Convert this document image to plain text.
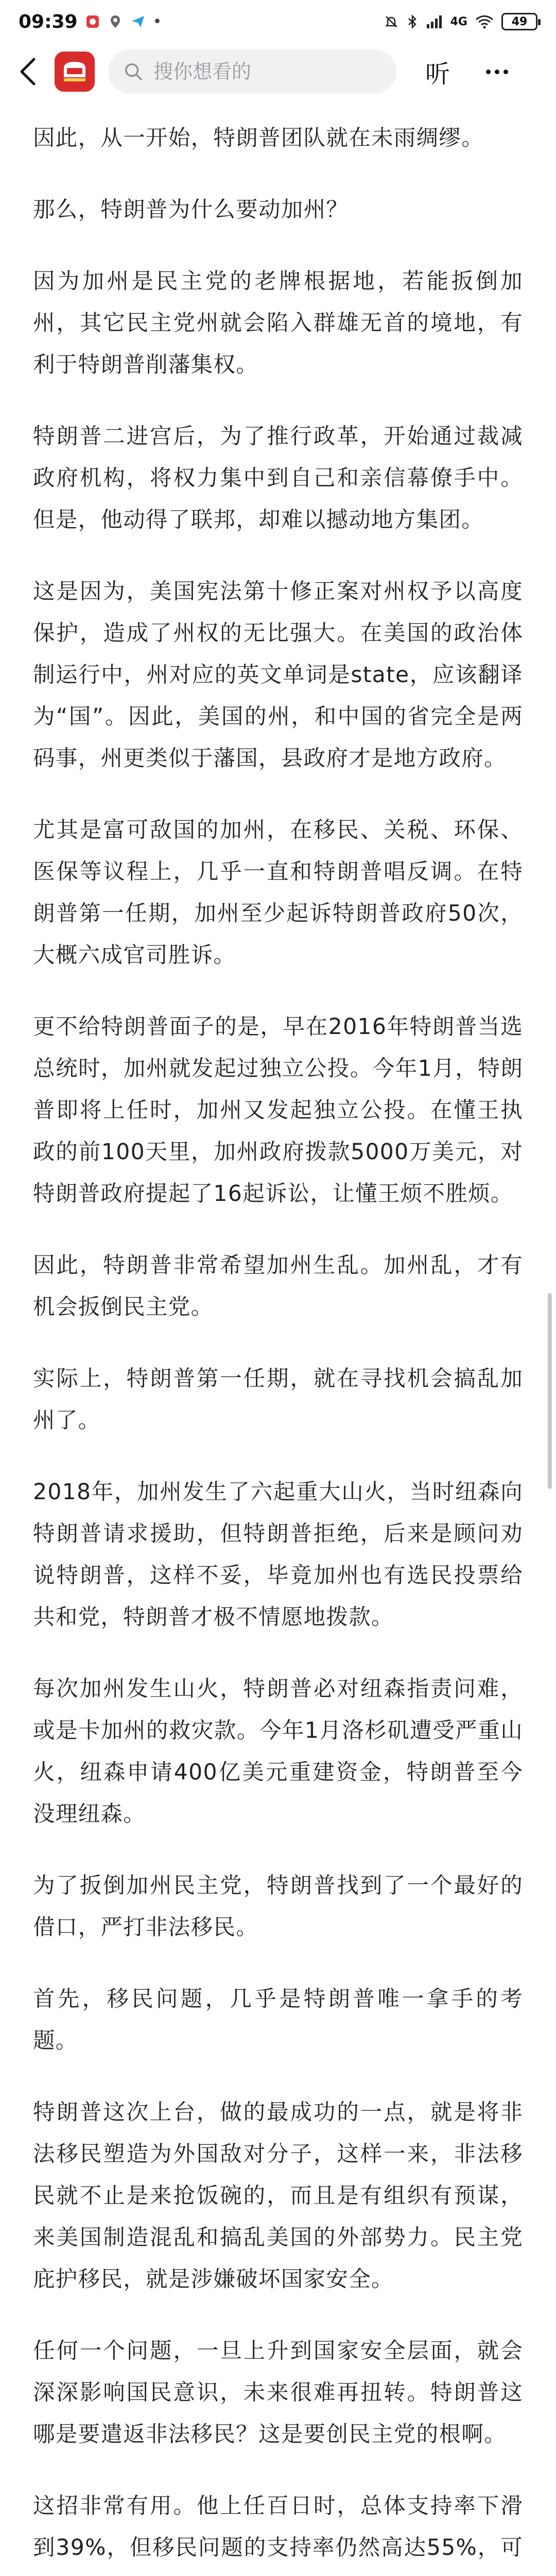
09:39	•	4G	49
搜你想看的
听

因此，从一开始，特朗普团队就在未雨绸缪。

那么，特朗普为什么要动加州？

因为加州是民主党的老牌根据地，若能扳倒加州，其它民主党州就会陷入群雄无首的境地，有利于特朗普削藩集权。

特朗普二进宫后，为了推行政革，开始通过裁减政府机构，将权力集中到自己和亲信幕僚手中。但是，他动得了联邦，却难以撼动地方集团。

这是因为，美国宪法第十修正案对州权予以高度保护，造成了州权的无比强大。在美国的政治体制运行中，州对应的英文单词是state，应该翻译为“国”。因此，美国的州，和中国的省完全是两码事，州更类似于藩国，县政府才是地方政府。

尤其是富可敌国的加州，在移民、关税、环保、医保等议程上，几乎一直和特朗普唱反调。在特朗普第一任期，加州至少起诉特朗普政府50次，大概六成官司胜诉。

更不给特朗普面子的是，早在2016年特朗普当选总统时，加州就发起过独立公投。今年1月，特朗普即将上任时，加州又发起独立公投。在懂王执政的前100天里，加州政府拨款5000万美元，对特朗普政府提起了16起诉讼，让懂王烦不胜烦。

因此，特朗普非常希望加州生乱。加州乱，才有机会扳倒民主党。

实际上，特朗普第一任期，就在寻找机会搞乱加州了。

2018年，加州发生了六起重大山火，当时纽森向特朗普请求援助，但特朗普拒绝，后来是顾问劝说特朗普，这样不妥，毕竟加州也有选民投票给共和党，特朗普才极不情愿地拨款。

每次加州发生山火，特朗普必对纽森指责问难，或是卡加州的救灾款。今年1月洛杉矶遭受严重山火，纽森申请400亿美元重建资金，特朗普至今没理纽森。

为了扳倒加州民主党，特朗普找到了一个最好的借口，严打非法移民。

首先，移民问题，几乎是特朗普唯一拿手的考题。

特朗普这次上台，做的最成功的一点，就是将非法移民塑造为外国敌对分子，这样一来，非法移民就不止是来抢饭碗的，而且是有组织有预谋，来美国制造混乱和搞乱美国的外部势力。民主党庇护移民，就是涉嫌破坏国家安全。

任何一个问题，一旦上升到国家安全层面，就会深深影响国民意识，未来很难再扭转。特朗普这哪是要遣返非法移民？这是要创民主党的根啊。

这招非常有用。他上任百日时，总体支持率下滑到39%，但移民问题的支持率仍然高达55%，可
